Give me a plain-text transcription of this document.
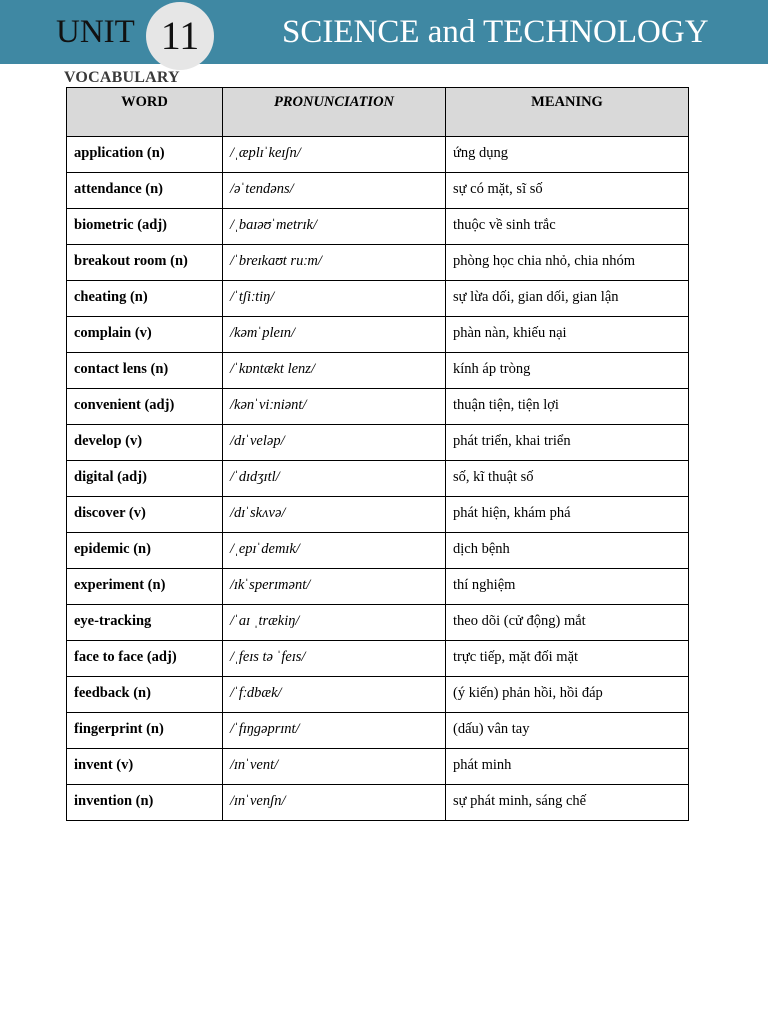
UNIT 11	SCIENCE and TECHNOLOGY
VOCABULARY
WORD	PRONUNCIATION	MEANING
application (n)	/ˌæplɪˈkeɪʃn/	ứng dụng
attendance (n)	/əˈtendəns/	sự có mặt, sĩ số
biometric (adj)	/ˌbaɪəʊˈmetrɪk/	thuộc về sinh trắc
breakout room (n)	/ˈbreɪkaʊt ruːm/	phòng học chia nhỏ, chia nhóm
cheating (n)	/ˈtʃiːtiŋ/	sự lừa dối, gian dối, gian lận
complain (v)	/kəmˈpleɪn/	phàn nàn, khiếu nại
contact lens (n)	/ˈkɒntækt lenz/	kính áp tròng
convenient (adj)	/kənˈviːniənt/	thuận tiện, tiện lợi
develop (v)	/dɪˈveləp/	phát triển, khai triển
digital (adj)	/ˈdɪdʒɪtl/	số, kĩ thuật số
discover (v)	/dɪˈskʌvə/	phát hiện, khám phá
epidemic (n)	/ˌepɪˈdemɪk/	dịch bệnh
experiment (n)	/ɪkˈsperɪmənt/	thí nghiệm
eye-tracking	/ˈaɪ ˌtrækiŋ/	theo dõi (cử động) mắt
face to face (adj)	/ˌfeɪs tə ˈfeɪs/	trực tiếp, mặt đối mặt
feedback (n)	/ˈfːdbæk/	(ý kiến) phản hồi, hồi đáp
fingerprint (n)	/ˈfɪŋgəprɪnt/	(dấu) vân tay
invent (v)	/ɪnˈvent/	phát minh
invention (n)	/ɪnˈvenʃn/	sự phát minh, sáng chế
